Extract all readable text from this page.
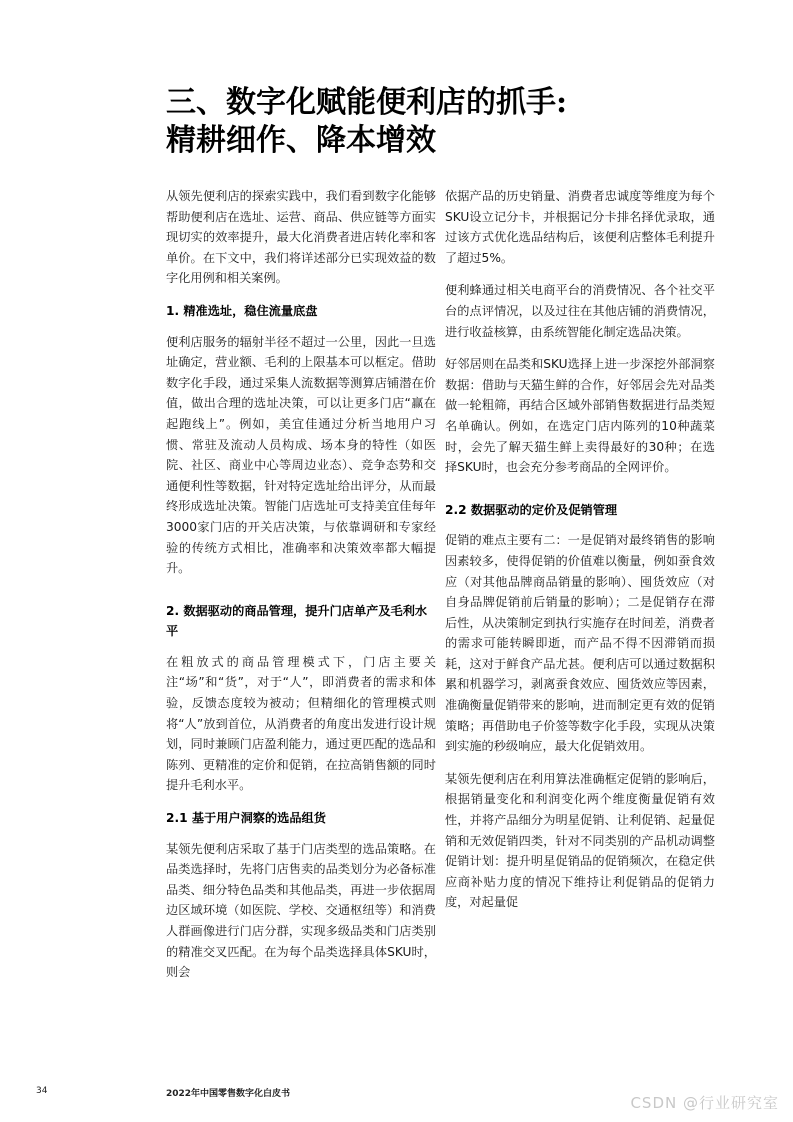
三、数字化赋能便利店的抓手:
精耕细作、降本增效

从领先便利店的探索实践中，我们看到数字化能够帮助便利店在选址、运营、商品、供应链等方面实现切实的效率提升，最大化消费者进店转化率和客单价。在下文中，我们将详述部分已实现效益的数字化用例和相关案例。

1. 精准选址，稳住流量底盘

便利店服务的辐射半径不超过一公里，因此一旦选址确定，营业额、毛利的上限基本可以框定。借助数字化手段，通过采集人流数据等测算店铺潜在价值，做出合理的选址决策，可以让更多门店“赢在起跑线上”。例如，美宜佳通过分析当地用户习惯、常驻及流动人员构成、场本身的特性（如医院、社区、商业中心等周边业态）、竞争态势和交通便利性等数据，针对特定选址给出评分，从而最终形成选址决策。智能门店选址可支持美宜佳每年3000家门店的开关店决策，与依靠调研和专家经验的传统方式相比，准确率和决策效率都大幅提升。

2. 数据驱动的商品管理，提升门店单产及毛利水平

在粗放式的商品管理模式下，门店主要关注“场”和“货”，对于“人”，即消费者的需求和体验，反馈态度较为被动；但精细化的管理模式则将“人”放到首位，从消费者的角度出发进行设计规划，同时兼顾门店盈利能力，通过更匹配的选品和陈列、更精准的定价和促销，在拉高销售额的同时提升毛利水平。

2.1 基于用户洞察的选品组货

某领先便利店采取了基于门店类型的选品策略。在品类选择时，先将门店售卖的品类划分为必备标准品类、细分特色品类和其他品类，再进一步依据周边区域环境（如医院、学校、交通枢纽等）和消费人群画像进行门店分群，实现多级品类和门店类别的精准交叉匹配。在为每个品类选择具体SKU时，则会

依据产品的历史销量、消费者忠诚度等维度为每个SKU设立记分卡，并根据记分卡排名择优录取，通过该方式优化选品结构后，该便利店整体毛利提升了超过5%。

便利蜂通过相关电商平台的消费情况、各个社交平台的点评情况，以及过往在其他店铺的消费情况，进行收益核算，由系统智能化制定选品决策。

好邻居则在品类和SKU选择上进一步深挖外部洞察数据：借助与天猫生鲜的合作，好邻居会先对品类做一轮粗筛，再结合区域外部销售数据进行品类短名单确认。例如，在选定门店内陈列的10种蔬菜时，会先了解天猫生鲜上卖得最好的30种；在选择SKU时，也会充分参考商品的全网评价。

2.2 数据驱动的定价及促销管理

促销的难点主要有二：一是促销对最终销售的影响因素较多，使得促销的价值难以衡量，例如蚕食效应（对其他品牌商品销量的影响）、囤货效应（对自身品牌促销前后销量的影响）；二是促销存在滞后性，从决策制定到执行实施存在时间差，消费者的需求可能转瞬即逝，而产品不得不因滞销而损耗，这对于鲜食产品尤甚。便利店可以通过数据积累和机器学习，剥离蚕食效应、囤货效应等因素，准确衡量促销带来的影响，进而制定更有效的促销策略；再借助电子价签等数字化手段，实现从决策到实施的秒级响应，最大化促销效用。

某领先便利店在利用算法准确框定促销的影响后，根据销量变化和利润变化两个维度衡量促销有效性，并将产品细分为明星促销、让利促销、起量促销和无效促销四类，针对不同类别的产品机动调整促销计划：提升明星促销品的促销频次，在稳定供应商补贴力度的情况下维持让利促销品的促销力度，对起量促

34	2022年中国零售数字化白皮书	CSDN @行业研究室
